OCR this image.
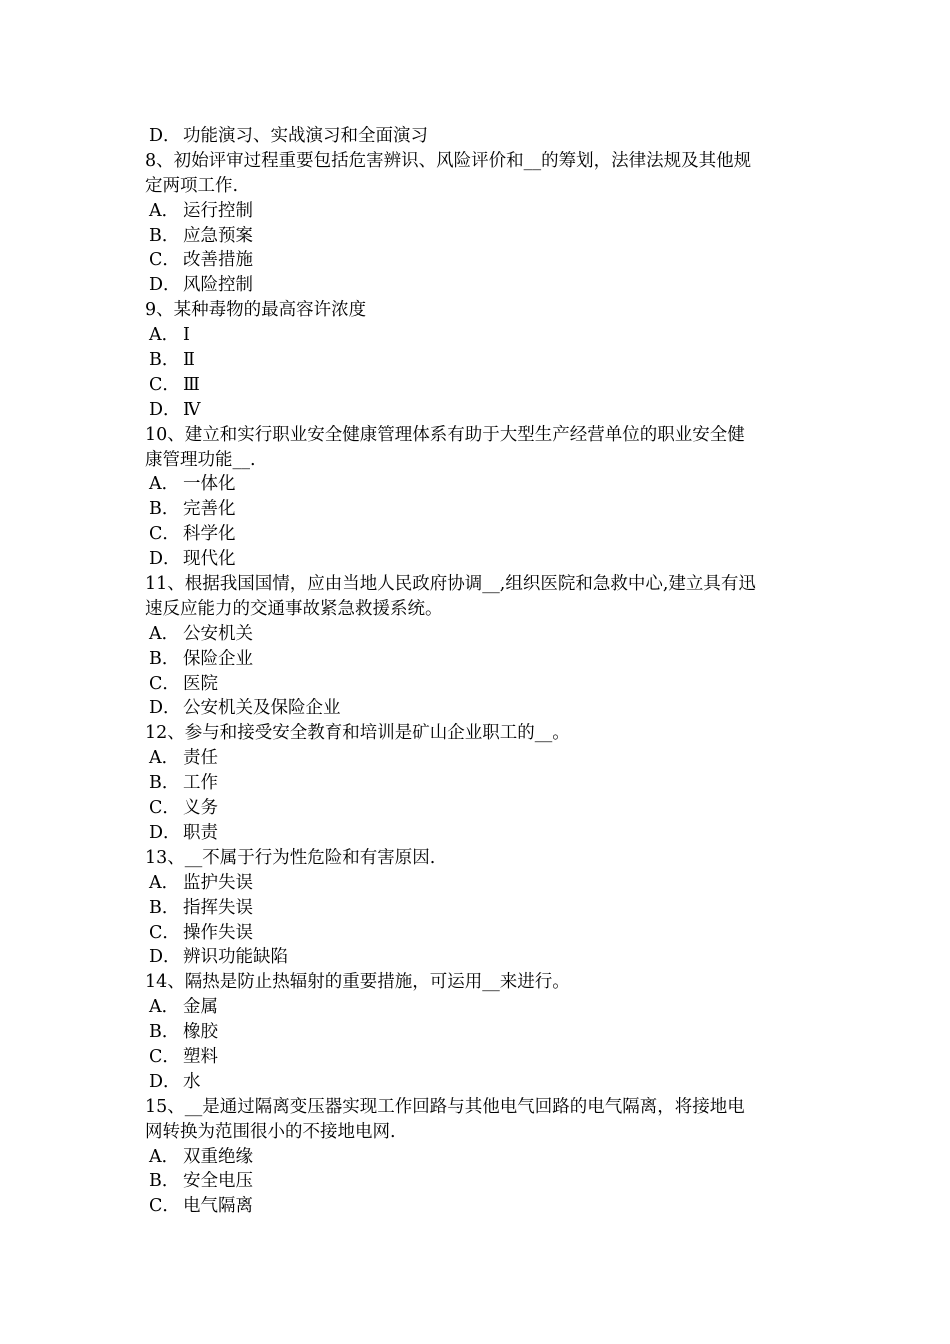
D． 功能演习、实战演习和全面演习
8、初始评审过程重要包括危害辨识、风险评价和__的筹划，法律法规及其他规
定两项工作.
A． 运行控制
B． 应急预案
C． 改善措施
D． 风险控制
9、某种毒物的最高容许浓度
A． Ⅰ
B． Ⅱ
C． Ⅲ
D． Ⅳ
10、建立和实行职业安全健康管理体系有助于大型生产经营单位的职业安全健
康管理功能__.
A． 一体化
B． 完善化
C． 科学化
D． 现代化
11、根据我国国情，应由当地人民政府协调__,组织医院和急救中心,建立具有迅
速反应能力的交通事故紧急救援系统。
A． 公安机关
B． 保险企业
C． 医院
D． 公安机关及保险企业
12、参与和接受安全教育和培训是矿山企业职工的__。
A． 责任
B． 工作
C． 义务
D． 职责
13、__不属于行为性危险和有害原因.
A． 监护失误
B． 指挥失误
C． 操作失误
D． 辨识功能缺陷
14、隔热是防止热辐射的重要措施，可运用__来进行。
A． 金属
B． 橡胶
C． 塑料
D． 水
15、__是通过隔离变压器实现工作回路与其他电气回路的电气隔离，将接地电
网转换为范围很小的不接地电网.
A． 双重绝缘
B． 安全电压
C． 电气隔离
